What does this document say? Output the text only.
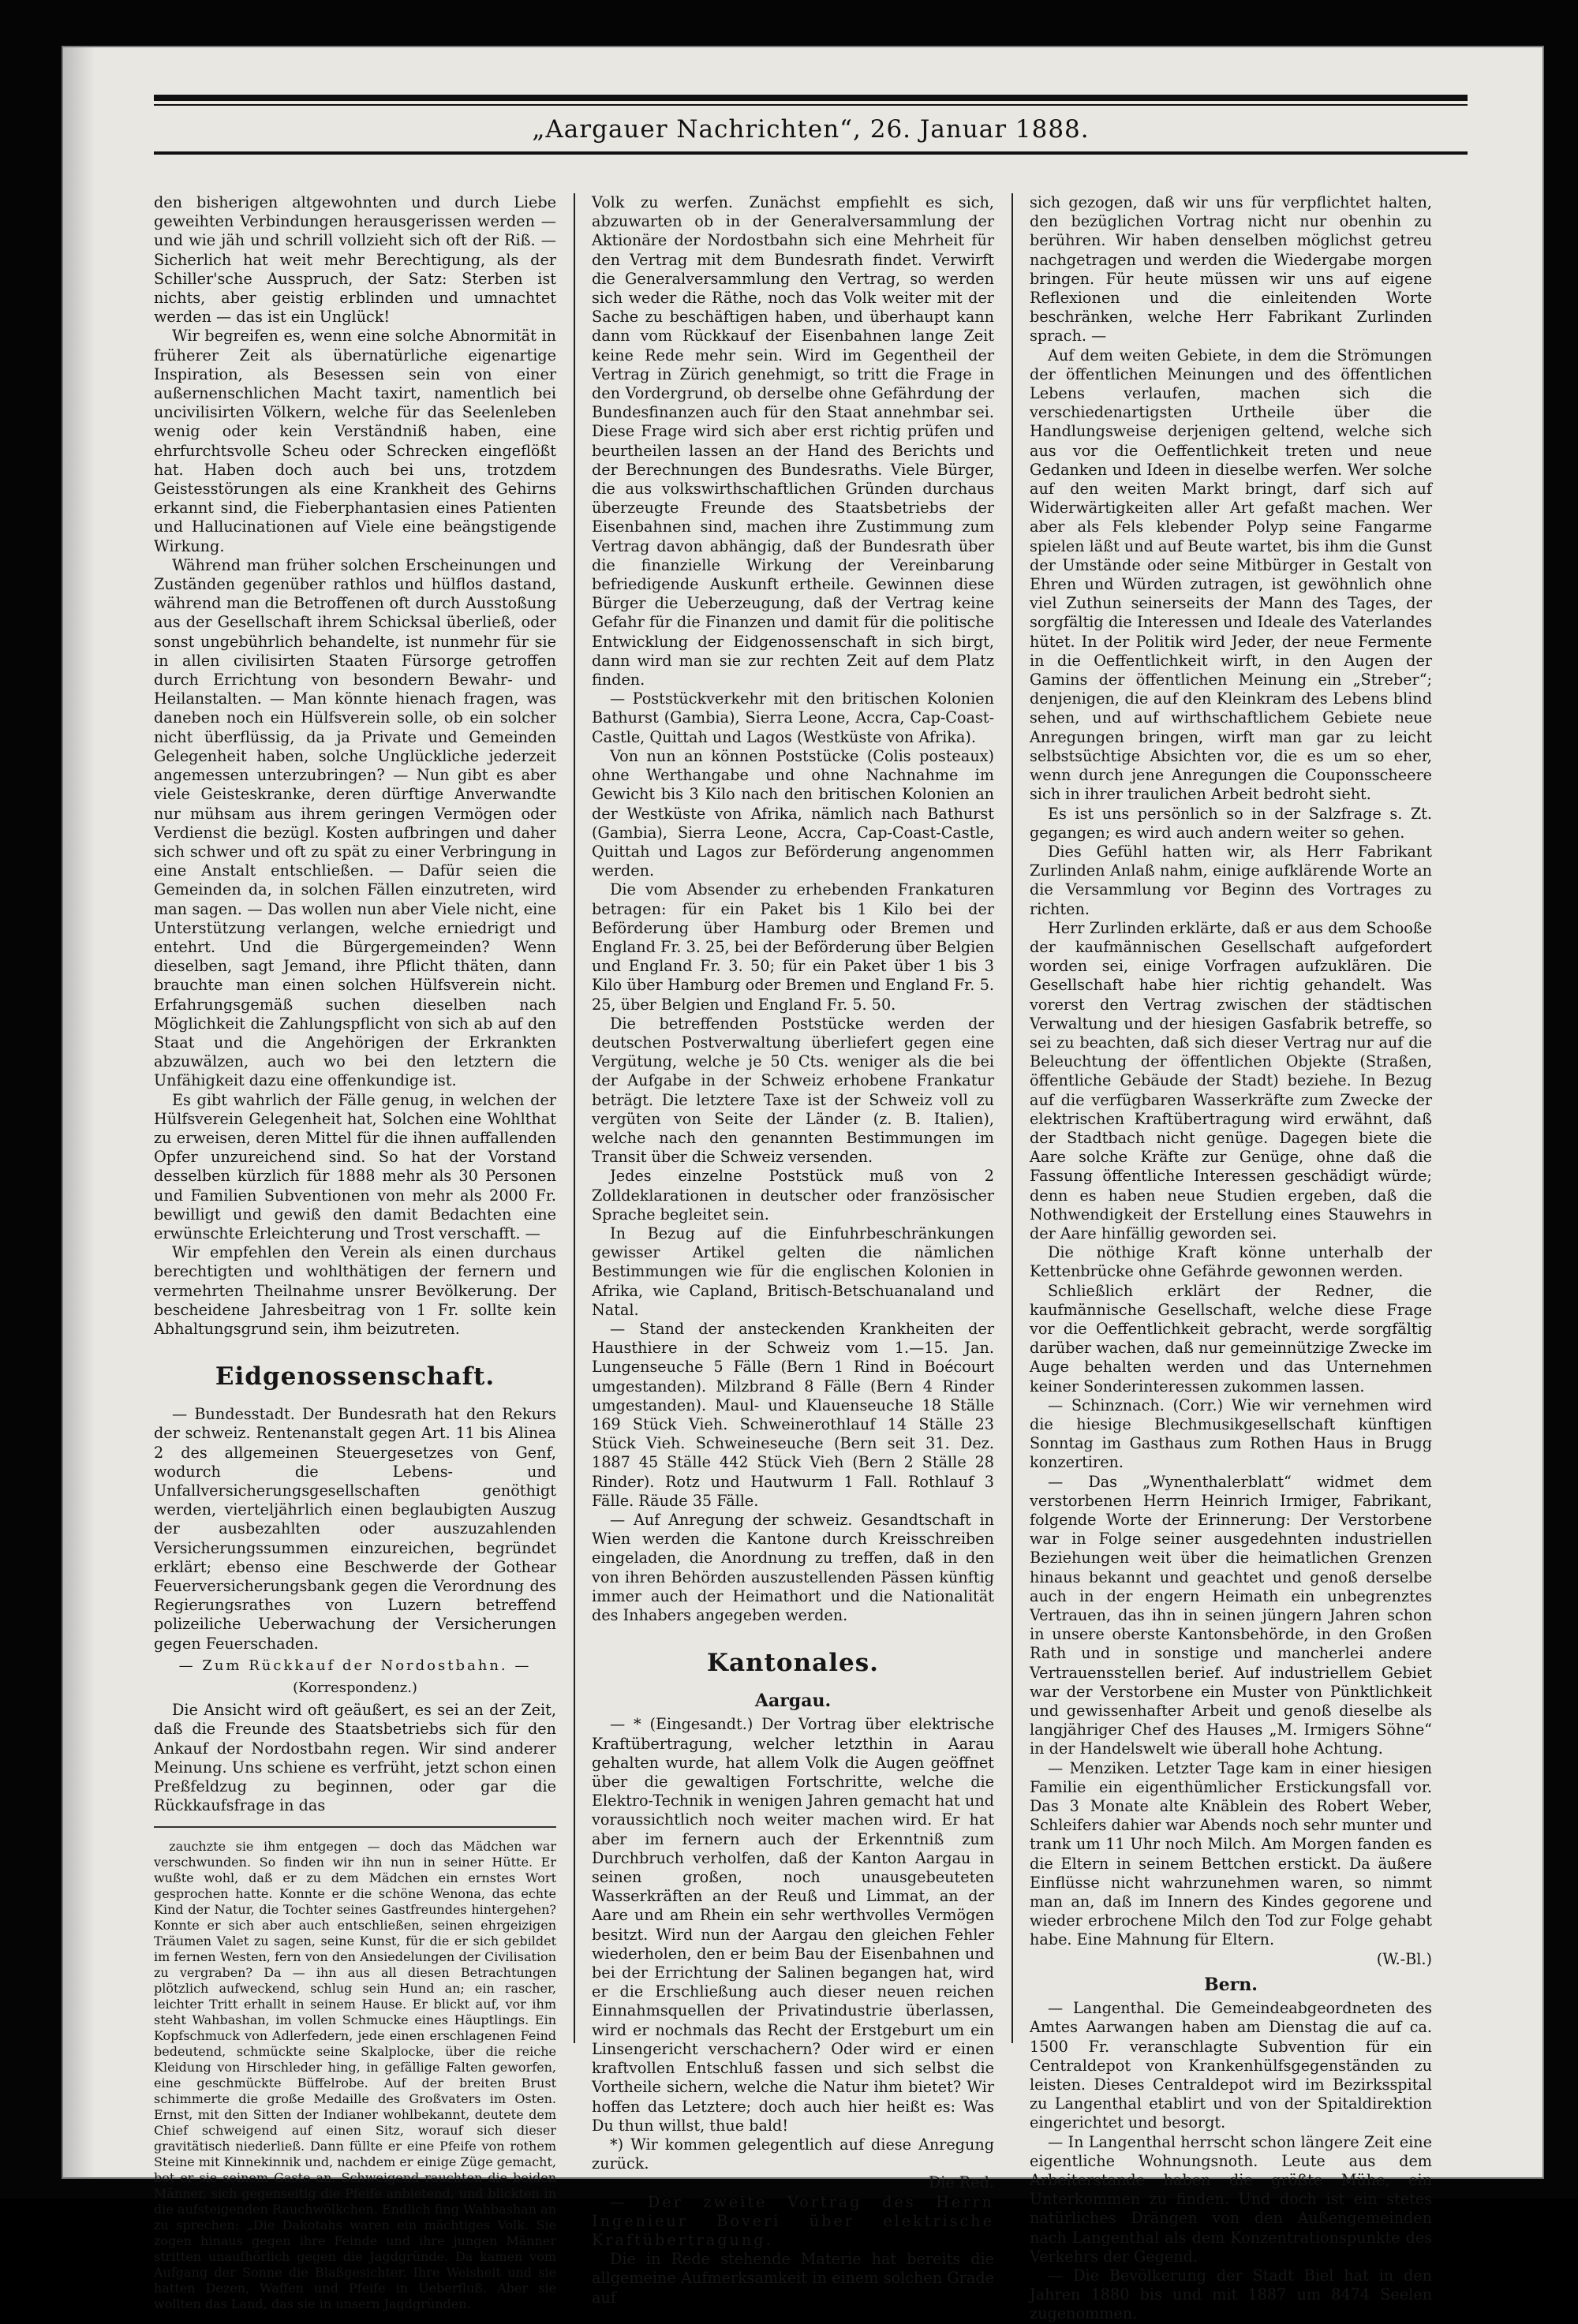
„Aargauer Nachrichten“, 26. Januar 1888.

den bisherigen altgewohnten und durch Liebe geweihten Verbindungen herausgerissen werden — und wie jäh und schrill vollzieht sich oft der Riß. — Sicherlich hat weit mehr Berechtigung, als der Schiller'sche Ausspruch, der Satz: Sterben ist nichts, aber geistig erblinden und umnachtet werden — das ist ein Unglück!

Wir begreifen es, wenn eine solche Abnormität in früherer Zeit als übernatürliche eigenartige Inspiration, als Besessen sein von einer außernenschlichen Macht taxirt, namentlich bei uncivilisirten Völkern, welche für das Seelenleben wenig oder kein Verständniß haben, eine ehrfurchtsvolle Scheu oder Schrecken eingeflößt hat. Haben doch auch bei uns, trotzdem Geistesstörungen als eine Krankheit des Gehirns erkannt sind, die Fieberphantasien eines Patienten und Hallucinationen auf Viele eine beängstigende Wirkung.

Während man früher solchen Erscheinungen und Zuständen gegenüber rathlos und hülflos dastand, während man die Betroffenen oft durch Ausstoßung aus der Gesellschaft ihrem Schicksal überließ, oder sonst ungebührlich behandelte, ist nunmehr für sie in allen civilisirten Staaten Fürsorge getroffen durch Errichtung von besondern Bewahr- und Heilanstalten. — Man könnte hienach fragen, was daneben noch ein Hülfsverein solle, ob ein solcher nicht überflüssig, da ja Private und Gemeinden Gelegenheit haben, solche Unglückliche jederzeit angemessen unterzubringen? — Nun gibt es aber viele Geisteskranke, deren dürftige Anverwandte nur mühsam aus ihrem geringen Vermögen oder Verdienst die bezügl. Kosten aufbringen und daher sich schwer und oft zu spät zu einer Verbringung in eine Anstalt entschließen. — Dafür seien die Gemeinden da, in solchen Fällen einzutreten, wird man sagen. — Das wollen nun aber Viele nicht, eine Unterstützung verlangen, welche erniedrigt und entehrt. Und die Bürgergemeinden? Wenn dieselben, sagt Jemand, ihre Pflicht thäten, dann brauchte man einen solchen Hülfsverein nicht. Erfahrungsgemäß suchen dieselben nach Möglichkeit die Zahlungspflicht von sich ab auf den Staat und die Angehörigen der Erkrankten abzuwälzen, auch wo bei den letztern die Unfähigkeit dazu eine offenkundige ist.

Es gibt wahrlich der Fälle genug, in welchen der Hülfsverein Gelegenheit hat, Solchen eine Wohlthat zu erweisen, deren Mittel für die ihnen auffallenden Opfer unzureichend sind. So hat der Vorstand desselben kürzlich für 1888 mehr als 30 Personen und Familien Subventionen von mehr als 2000 Fr. bewilligt und gewiß den damit Bedachten eine erwünschte Erleichterung und Trost verschafft. —

Wir empfehlen den Verein als einen durchaus berechtigten und wohlthätigen der fernern und vermehrten Theilnahme unsrer Bevölkerung. Der bescheidene Jahresbeitrag von 1 Fr. sollte kein Abhaltungsgrund sein, ihm beizutreten.

Eidgenossenschaft.

— Bundesstadt. Der Bundesrath hat den Rekurs der schweiz. Rentenanstalt gegen Art. 11 bis Alinea 2 des allgemeinen Steuergesetzes von Genf, wodurch die Lebens- und Unfallversicherungsgesellschaften genöthigt werden, vierteljährlich einen beglaubigten Auszug der ausbezahlten oder auszuzahlenden Versicherungssummen einzureichen, begründet erklärt; ebenso eine Beschwerde der Gothear Feuerversicherungsbank gegen die Verordnung des Regierungsrathes von Luzern betreffend polizeiliche Ueberwachung der Versicherungen gegen Feuerschaden.

— Zum Rückkauf der Nordostbahn. —
(Korrespondenz.)

Die Ansicht wird oft geäußert, es sei an der Zeit, daß die Freunde des Staatsbetriebs sich für den Ankauf der Nordostbahn regen. Wir sind anderer Meinung. Uns schiene es verfrüht, jetzt schon einen Preßfeldzug zu beginnen, oder gar die Rückkaufsfrage in das

zauchzte sie ihm entgegen — doch das Mädchen war verschwunden. So finden wir ihn nun in seiner Hütte. Er wußte wohl, daß er zu dem Mädchen ein ernstes Wort gesprochen hatte. Konnte er die schöne Wenona, das echte Kind der Natur, die Tochter seines Gastfreundes hintergehen? Konnte er sich aber auch entschließen, seinen ehrgeizigen Träumen Valet zu sagen, seine Kunst, für die er sich gebildet im fernen Westen, fern von den Ansiedelungen der Civilisation zu vergraben? Da — ihn aus all diesen Betrachtungen plötzlich aufweckend, schlug sein Hund an; ein rascher, leichter Tritt erhallt in seinem Hause. Er blickt auf, vor ihm steht Wahbashan, im vollen Schmucke eines Häuptlings. Ein Kopfschmuck von Adlerfedern, jede einen erschlagenen Feind bedeutend, schmückte seine Skalplocke, über die reiche Kleidung von Hirschleder hing, in gefällige Falten geworfen, eine geschmückte Büffelrobe. Auf der breiten Brust schimmerte die große Medaille des Großvaters im Osten. Ernst, mit den Sitten der Indianer wohlbekannt, deutete dem Chief schweigend auf einen Sitz, worauf sich dieser gravitätisch niederließ. Dann füllte er eine Pfeife von rothem Steine mit Kinnekinnik und, nachdem er einige Züge gemacht, bot er sie seinem Gaste an. Schweigend rauchten die beiden Männer, sich gegenseitig die Pfeife anbietend, und blickten in die aufsteigenden Rauchwölkchen. Endlich fing Wahbashan an zu sprechen: „Die Dakotahs waren ein mächtiges Volk. Sie zogen hinaus gegen ihre Feinde und ihre jungen Männer stritten unaufhörlich gegen die Jagdgründe. Da kamen vom Aufgang der Sonne die Blaßgesichter. Ihre Weisheit und sie hatten Dezen, Waffen und Pfeife in Ueberfluß. Aber sie wollten das Land, das sie in unsern Jagdgründen.

Volk zu werfen. Zunächst empfiehlt es sich, abzuwarten ob in der Generalversammlung der Aktionäre der Nordostbahn sich eine Mehrheit für den Vertrag mit dem Bundesrath findet. Verwirft die Generalversammlung den Vertrag, so werden sich weder die Räthe, noch das Volk weiter mit der Sache zu beschäftigen haben, und überhaupt kann dann vom Rückkauf der Eisenbahnen lange Zeit keine Rede mehr sein. Wird im Gegentheil der Vertrag in Zürich genehmigt, so tritt die Frage in den Vordergrund, ob derselbe ohne Gefährdung der Bundesfinanzen auch für den Staat annehmbar sei. Diese Frage wird sich aber erst richtig prüfen und beurtheilen lassen an der Hand des Berichts und der Berechnungen des Bundesraths. Viele Bürger, die aus volkswirthschaftlichen Gründen durchaus überzeugte Freunde des Staatsbetriebs der Eisenbahnen sind, machen ihre Zustimmung zum Vertrag davon abhängig, daß der Bundesrath über die finanzielle Wirkung der Vereinbarung befriedigende Auskunft ertheile. Gewinnen diese Bürger die Ueberzeugung, daß der Vertrag keine Gefahr für die Finanzen und damit für die politische Entwicklung der Eidgenossenschaft in sich birgt, dann wird man sie zur rechten Zeit auf dem Platz finden.

— Poststückverkehr mit den britischen Kolonien Bathurst (Gambia), Sierra Leone, Accra, Cap-Coast-Castle, Quittah und Lagos (Westküste von Afrika).

Von nun an können Poststücke (Colis posteaux) ohne Werthangabe und ohne Nachnahme im Gewicht bis 3 Kilo nach den britischen Kolonien an der Westküste von Afrika, nämlich nach Bathurst (Gambia), Sierra Leone, Accra, Cap-Coast-Castle, Quittah und Lagos zur Beförderung angenommen werden.

Die vom Absender zu erhebenden Frankaturen betragen: für ein Paket bis 1 Kilo bei der Beförderung über Hamburg oder Bremen und England Fr. 3. 25, bei der Beförderung über Belgien und England Fr. 3. 50; für ein Paket über 1 bis 3 Kilo über Hamburg oder Bremen und England Fr. 5. 25, über Belgien und England Fr. 5. 50.

Die betreffenden Poststücke werden der deutschen Postverwaltung überliefert gegen eine Vergütung, welche je 50 Cts. weniger als die bei der Aufgabe in der Schweiz erhobene Frankatur beträgt. Die letztere Taxe ist der Schweiz voll zu vergüten von Seite der Länder (z. B. Italien), welche nach den genannten Bestimmungen im Transit über die Schweiz versenden.

Jedes einzelne Poststück muß von 2 Zolldeklarationen in deutscher oder französischer Sprache begleitet sein.

In Bezug auf die Einfuhrbeschränkungen gewisser Artikel gelten die nämlichen Bestimmungen wie für die englischen Kolonien in Afrika, wie Capland, Britisch-Betschuanaland und Natal.

— Stand der ansteckenden Krankheiten der Hausthiere in der Schweiz vom 1.—15. Jan. Lungenseuche 5 Fälle (Bern 1 Rind in Boécourt umgestanden). Milzbrand 8 Fälle (Bern 4 Rinder umgestanden). Maul- und Klauenseuche 18 Ställe 169 Stück Vieh. Schweinerothlauf 14 Ställe 23 Stück Vieh. Schweineseuche (Bern seit 31. Dez. 1887 45 Ställe 442 Stück Vieh (Bern 2 Ställe 28 Rinder). Rotz und Hautwurm 1 Fall. Rothlauf 3 Fälle. Räude 35 Fälle.

— Auf Anregung der schweiz. Gesandtschaft in Wien werden die Kantone durch Kreisschreiben eingeladen, die Anordnung zu treffen, daß in den von ihren Behörden auszustellenden Pässen künftig immer auch der Heimathort und die Nationalität des Inhabers angegeben werden.

Kantonales.
Aargau.

— * (Eingesandt.) Der Vortrag über elektrische Kraftübertragung, welcher letzthin in Aarau gehalten wurde, hat allem Volk die Augen geöffnet über die gewaltigen Fortschritte, welche die Elektro-Technik in wenigen Jahren gemacht hat und voraussichtlich noch weiter machen wird. Er hat aber im fernern auch der Erkenntniß zum Durchbruch verholfen, daß der Kanton Aargau in seinen großen, noch unausgebeuteten Wasserkräften an der Reuß und Limmat, an der Aare und am Rhein ein sehr werthvolles Vermögen besitzt. Wird nun der Aargau den gleichen Fehler wiederholen, den er beim Bau der Eisenbahnen und bei der Errichtung der Salinen begangen hat, wird er die Erschließung auch dieser neuen reichen Einnahmsquellen der Privatindustrie überlassen, wird er nochmals das Recht der Erstgeburt um ein Linsengericht verschachern? Oder wird er einen kraftvollen Entschluß fassen und sich selbst die Vortheile sichern, welche die Natur ihm bietet? Wir hoffen das Letztere; doch auch hier heißt es: Was Du thun willst, thue bald!

*) Wir kommen gelegentlich auf diese Anregung zurück.

Die Red.

— Der zweite Vortrag des Herrn Ingenieur Boveri über elektrische Kraftübertragung.

Die in Rede stehende Materie hat bereits die allgemeine Aufmerksamkeit in einem solchen Grade auf

sich gezogen, daß wir uns für verpflichtet halten, den bezüglichen Vortrag nicht nur obenhin zu berühren. Wir haben denselben möglichst getreu nachgetragen und werden die Wiedergabe morgen bringen. Für heute müssen wir uns auf eigene Reflexionen und die einleitenden Worte beschränken, welche Herr Fabrikant Zurlinden sprach. —

Auf dem weiten Gebiete, in dem die Strömungen der öffentlichen Meinungen und des öffentlichen Lebens verlaufen, machen sich die verschiedenartigsten Urtheile über die Handlungsweise derjenigen geltend, welche sich aus vor die Oeffentlichkeit treten und neue Gedanken und Ideen in dieselbe werfen. Wer solche auf den weiten Markt bringt, darf sich auf Widerwärtigkeiten aller Art gefaßt machen. Wer aber als Fels klebender Polyp seine Fangarme spielen läßt und auf Beute wartet, bis ihm die Gunst der Umstände oder seine Mitbürger in Gestalt von Ehren und Würden zutragen, ist gewöhnlich ohne viel Zuthun seinerseits der Mann des Tages, der sorgfältig die Interessen und Ideale des Vaterlandes hütet. In der Politik wird Jeder, der neue Fermente in die Oeffentlichkeit wirft, in den Augen der Gamins der öffentlichen Meinung ein „Streber“; denjenigen, die auf den Kleinkram des Lebens blind sehen, und auf wirthschaftlichem Gebiete neue Anregungen bringen, wirft man gar zu leicht selbstsüchtige Absichten vor, die es um so eher, wenn durch jene Anregungen die Couponsscheere sich in ihrer traulichen Arbeit bedroht sieht.

Es ist uns persönlich so in der Salzfrage s. Zt. gegangen; es wird auch andern weiter so gehen.

Dies Gefühl hatten wir, als Herr Fabrikant Zurlinden Anlaß nahm, einige aufklärende Worte an die Versammlung vor Beginn des Vortrages zu richten.

Herr Zurlinden erklärte, daß er aus dem Schooße der kaufmännischen Gesellschaft aufgefordert worden sei, einige Vorfragen aufzuklären. Die Gesellschaft habe hier richtig gehandelt. Was vorerst den Vertrag zwischen der städtischen Verwaltung und der hiesigen Gasfabrik betreffe, so sei zu beachten, daß sich dieser Vertrag nur auf die Beleuchtung der öffentlichen Objekte (Straßen, öffentliche Gebäude der Stadt) beziehe. In Bezug auf die verfügbaren Wasserkräfte zum Zwecke der elektrischen Kraftübertragung wird erwähnt, daß der Stadtbach nicht genüge. Dagegen biete die Aare solche Kräfte zur Genüge, ohne daß die Fassung öffentliche Interessen geschädigt würde; denn es haben neue Studien ergeben, daß die Nothwendigkeit der Erstellung eines Stauwehrs in der Aare hinfällig geworden sei.

Die nöthige Kraft könne unterhalb der Kettenbrücke ohne Gefährde gewonnen werden.

Schließlich erklärt der Redner, die kaufmännische Gesellschaft, welche diese Frage vor die Oeffentlichkeit gebracht, werde sorgfältig darüber wachen, daß nur gemeinnützige Zwecke im Auge behalten werden und das Unternehmen keiner Sonderinteressen zukommen lassen.

— Schinznach. (Corr.) Wie wir vernehmen wird die hiesige Blechmusikgesellschaft künftigen Sonntag im Gasthaus zum Rothen Haus in Brugg konzertiren.

— Das „Wynenthalerblatt“ widmet dem verstorbenen Herrn Heinrich Irmiger, Fabrikant, folgende Worte der Erinnerung: Der Verstorbene war in Folge seiner ausgedehnten industriellen Beziehungen weit über die heimatlichen Grenzen hinaus bekannt und geachtet und genoß derselbe auch in der engern Heimath ein unbegrenztes Vertrauen, das ihn in seinen jüngern Jahren schon in unsere oberste Kantonsbehörde, in den Großen Rath und in sonstige und mancherlei andere Vertrauensstellen berief. Auf industriellem Gebiet war der Verstorbene ein Muster von Pünktlichkeit und gewissenhafter Arbeit und genoß dieselbe als langjähriger Chef des Hauses „M. Irmigers Söhne“ in der Handelswelt wie überall hohe Achtung.

— Menziken. Letzter Tage kam in einer hiesigen Familie ein eigenthümlicher Erstickungsfall vor. Das 3 Monate alte Knäblein des Robert Weber, Schleifers dahier war Abends noch sehr munter und trank um 11 Uhr noch Milch. Am Morgen fanden es die Eltern in seinem Bettchen erstickt. Da äußere Einflüsse nicht wahrzunehmen waren, so nimmt man an, daß im Innern des Kindes gegorene und wieder erbrochene Milch den Tod zur Folge gehabt habe. Eine Mahnung für Eltern.

(W.-Bl.)

Bern.

— Langenthal. Die Gemeindeabgeordneten des Amtes Aarwangen haben am Dienstag die auf ca. 1500 Fr. veranschlagte Subvention für ein Centraldepot von Krankenhülfsgegenständen zu leisten. Dieses Centraldepot wird im Bezirksspital zu Langenthal etablirt und von der Spitaldirektion eingerichtet und besorgt.

— In Langenthal herrscht schon längere Zeit eine eigentliche Wohnungsnoth. Leute aus dem Arbeiterstande haben die größte Mühe, ein Unterkommen zu finden. Und doch ist ein stetes natürliches Drängen von den Außengemeinden nach Langenthal als dem Konzentrationspunkte des Verkehrs der Gegend.

— Die Bevölkerung der Stadt Biel hat in den Jahren 1880 bis und mit 1887 um 8474 Seelen zugenommen.
